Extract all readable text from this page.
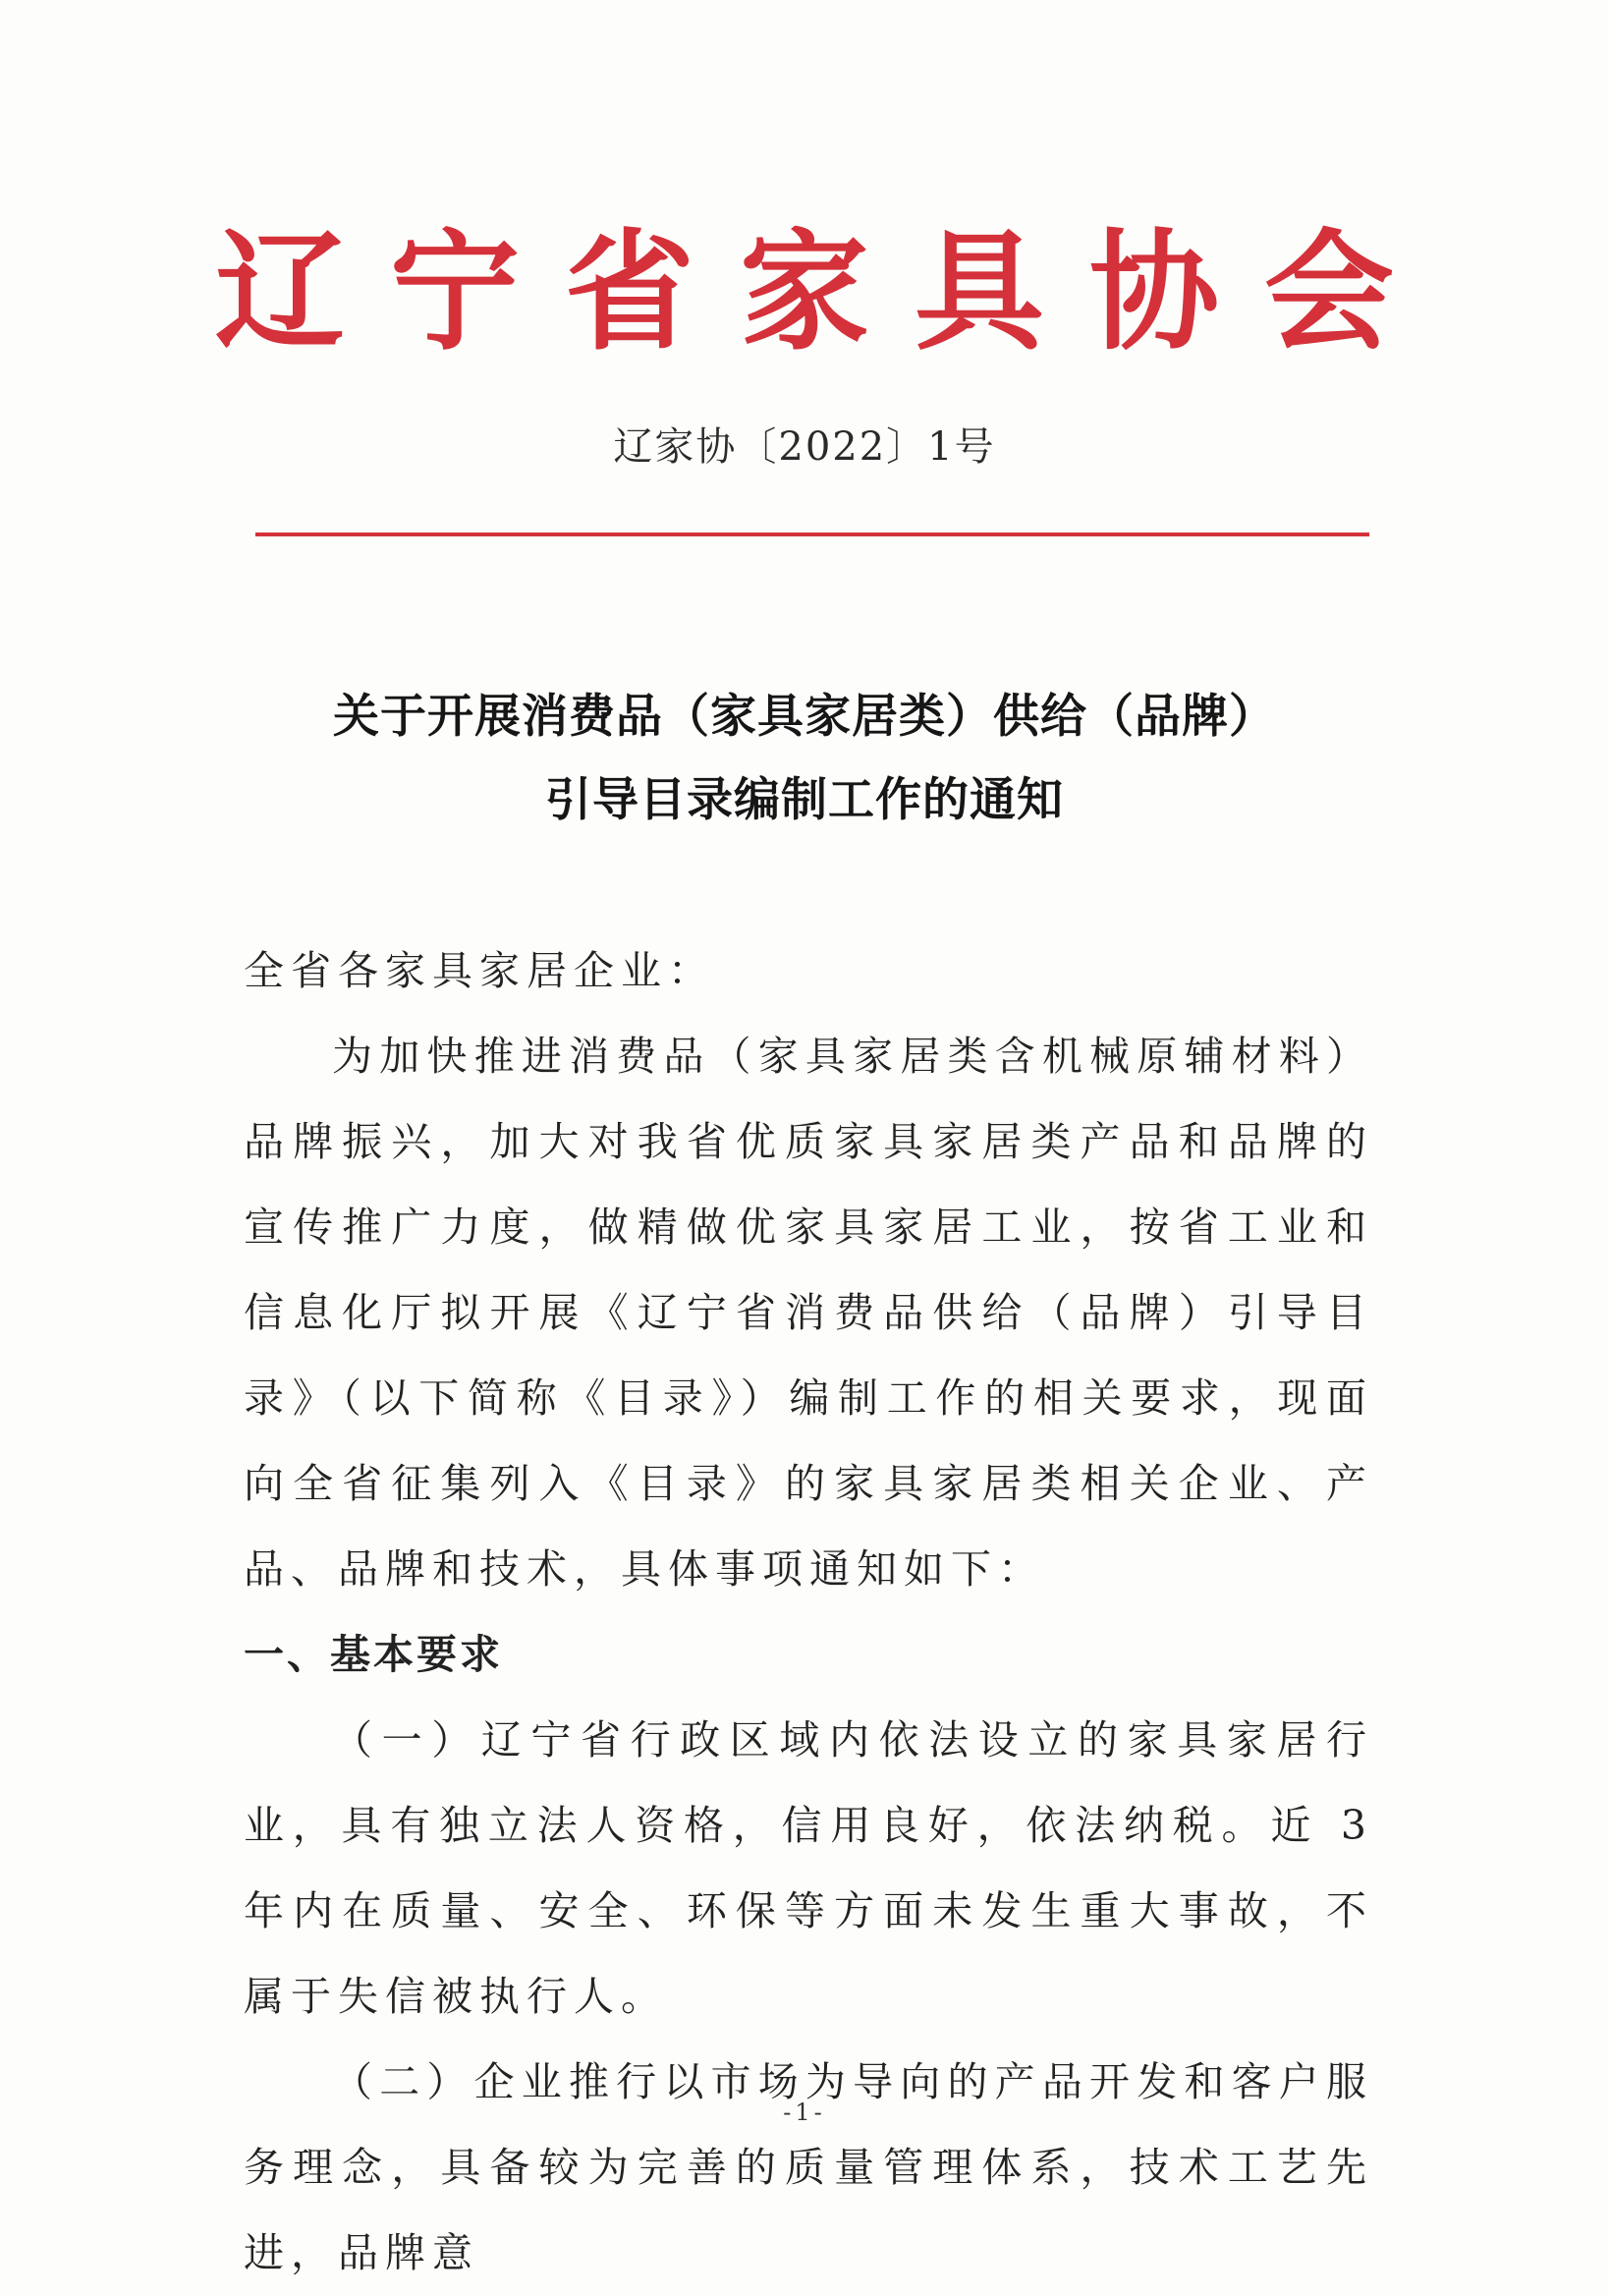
辽宁省家具协会
辽家协〔2022〕1号
关于开展消费品（家具家居类）供给（品牌）
引导目录编制工作的通知

全省各家具家居企业：

为加快推进消费品（家具家居类含机械原辅材料）品牌振兴，加大对我省优质家具家居类产品和品牌的宣传推广力度，做精做优家具家居工业，按省工业和信息化厅拟开展《辽宁省消费品供给（品牌）引导目录》（以下简称《目录》）编制工作的相关要求，现面向全省征集列入《目录》的家具家居类相关企业、产品、品牌和技术，具体事项通知如下：

一、基本要求

（一）辽宁省行政区域内依法设立的家具家居行业，具有独立法人资格，信用良好，依法纳税。近 3 年内在质量、安全、环保等方面未发生重大事故，不属于失信被执行人。

（二）企业推行以市场为导向的产品开发和客户服务理念，具备较为完善的质量管理体系，技术工艺先进，品牌意

-1-
